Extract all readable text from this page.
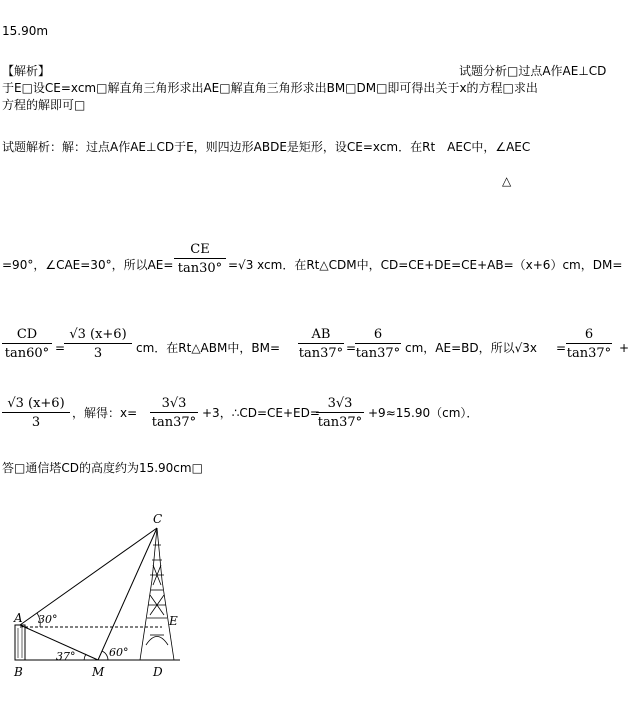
15.90m
【解析】	试题分析□过点A作AE⊥CD
于E□设CE=xcm□解直角三角形求出AE□解直角三角形求出BM□DM□即可得出关于x的方程□求出
方程的解即可□
试题解析：解：过点A作AE⊥CD于E，则四边形ABDE是矩形，设CE=xcm．在Rt　AEC中，∠AEC
△
=90°，∠CAE=30°，所以AE=
CE
tan30° =√3 xcm．在Rt△CDM中，CD=CE+DE=CE+AB=（x+6）cm，DM=
CD
tan60° =
√3 (x+6)
3	cm．在Rt△ABM中，BM=
AB
tan37° =
6
tan37° cm，AE=BD，所以√3x =
6
tan37° +
√3 (x+6)
3
，解得：x=
3√3
tan37°
+3，∴CD=CE+ED=
3√3
tan37°
+9≈15.90（cm）．
答□通信塔CD的高度约为15.90cm□
A
B
C
D
E
M
30°
37°	60°
